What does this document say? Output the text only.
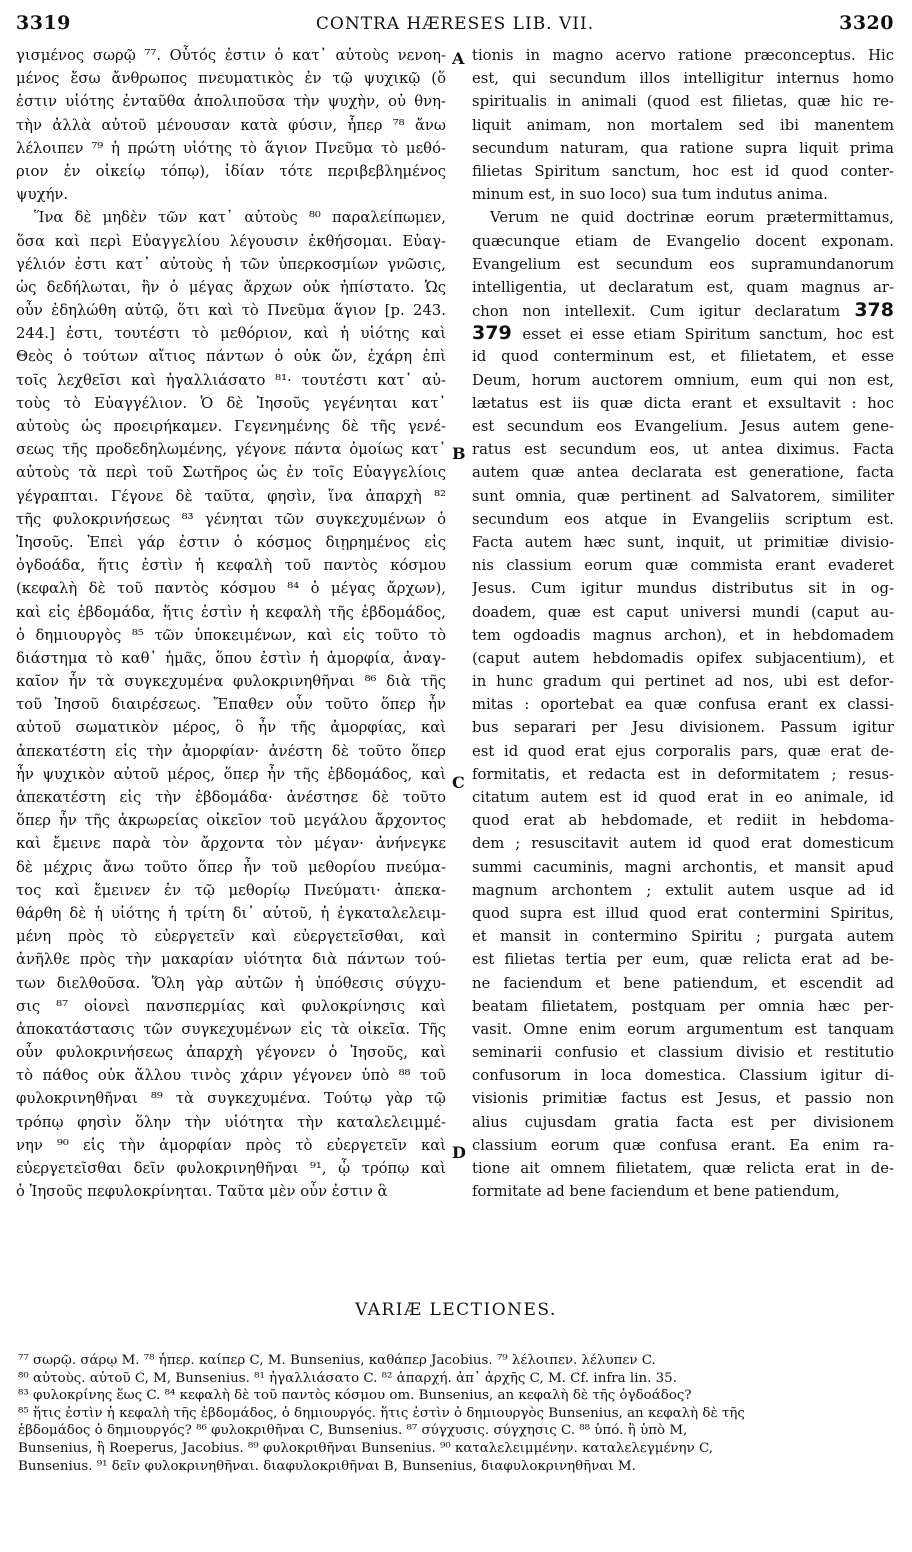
3319	CONTRA HÆRESES LIB. VII.	3320
γισμένος σωρῷ ⁷⁷. Οὗτός ἐστιν ὁ κατ᾽ αὐτοὺς νενοη-
μένος ἔσω ἄνθρωπος πνευματικὸς ἐν τῷ ψυχικῷ (ὅ
ἐστιν υἱότης ἐνταῦθα ἀπολιποῦσα τὴν ψυχὴν, οὐ θνη-
τὴν ἀλλὰ αὐτοῦ μένουσαν κατὰ φύσιν, ἧπερ ⁷⁸ ἄνω
λέλοιπεν ⁷⁹ ἡ πρώτη υἱότης τὸ ἅγιον Πνεῦμα τὸ μεθό-
ριον ἐν οἰκείῳ τόπῳ), ἰδίαν τότε περιβεβλημένος
ψυχήν.
Ἵνα δὲ μηδὲν τῶν κατ᾽ αὐτοὺς ⁸⁰ παραλείπωμεν,
ὅσα καὶ περὶ Εὐαγγελίου λέγουσιν ἐκθήσομαι. Εὐαγ-
γέλιόν ἐστι κατ᾽ αὐτοὺς ἡ τῶν ὑπερκοσμίων γνῶσις,
ὡς δεδήλωται, ἣν ὁ μέγας ἄρχων οὐκ ἠπίστατο. Ὡς
οὖν ἐδηλώθη αὐτῷ, ὅτι καὶ τὸ Πνεῦμα ἅγιον [p. 243.
244.] ἐστι, τουτέστι τὸ μεθόριον, καὶ ἡ υἱότης καὶ
Θεὸς ὁ τούτων αἴτιος πάντων ὁ οὐκ ὤν, ἐχάρη ἐπὶ
τοῖς λεχθεῖσι καὶ ἠγαλλιάσατο ⁸¹· τουτέστι κατ᾽ αὐ-
τοὺς τὸ Εὐαγγέλιον. Ὁ δὲ Ἰησοῦς γεγένηται κατ᾽
αὐτοὺς ὡς προειρήκαμεν. Γεγενημένης δὲ τῆς γενέ-
σεως τῆς προδεδηλωμένης, γέγονε πάντα ὁμοίως κατ᾽
αὐτοὺς τὰ περὶ τοῦ Σωτῆρος ὡς ἐν τοῖς Εὐαγγελίοις
γέγραπται. Γέγονε δὲ ταῦτα, φησὶν, ἵνα ἀπαρχὴ ⁸²
τῆς φυλοκρινήσεως ⁸³ γένηται τῶν συγκεχυμένων ὁ
Ἰησοῦς. Ἐπεὶ γάρ ἐστιν ὁ κόσμος διῃρημένος εἰς
ὀγδοάδα, ἥτις ἐστὶν ἡ κεφαλὴ τοῦ παντὸς κόσμου
(κεφαλὴ δὲ τοῦ παντὸς κόσμου ⁸⁴ ὁ μέγας ἄρχων),
καὶ εἰς ἑβδομάδα, ἥτις ἐστὶν ἡ κεφαλὴ τῆς ἑβδομάδος,
ὁ δημιουργὸς ⁸⁵ τῶν ὑποκειμένων, καὶ εἰς τοῦτο τὸ
διάστημα τὸ καθ᾽ ἡμᾶς, ὅπου ἐστὶν ἡ ἀμορφία, ἀναγ-
καῖον ἦν τὰ συγκεχυμένα φυλοκρινηθῆναι ⁸⁶ διὰ τῆς
τοῦ Ἰησοῦ διαιρέσεως. Ἔπαθεν οὖν τοῦτο ὅπερ ἦν
αὐτοῦ σωματικὸν μέρος, ὃ ἦν τῆς ἀμορφίας, καὶ
ἀπεκατέστη εἰς τὴν ἀμορφίαν· ἀνέστη δὲ τοῦτο ὅπερ
ἦν ψυχικὸν αὐτοῦ μέρος, ὅπερ ἦν τῆς ἑβδομάδος, καὶ
ἀπεκατέστη εἰς τὴν ἑβδομάδα· ἀνέστησε δὲ τοῦτο
ὅπερ ἦν τῆς ἀκρωρείας οἰκεῖον τοῦ μεγάλου ἄρχοντος
καὶ ἔμεινε παρὰ τὸν ἄρχοντα τὸν μέγαν· ἀνήνεγκε
δὲ μέχρις ἄνω τοῦτο ὅπερ ἦν τοῦ μεθορίου πνεύμα-
τος καὶ ἔμεινεν ἐν τῷ μεθορίῳ Πνεύματι· ἀπεκα-
θάρθη δὲ ἡ υἱότης ἡ τρίτη δι᾽ αὐτοῦ, ἡ ἐγκαταλελειμ-
μένη πρὸς τὸ εὐεργετεῖν καὶ εὐεργετεῖσθαι, καὶ
ἀνῆλθε πρὸς τὴν μακαρίαν υἱότητα διὰ πάντων τού-
των διελθοῦσα. Ὅλη γὰρ αὐτῶν ἡ ὑπόθεσις σύγχυ-
σις ⁸⁷ οἱονεὶ πανσπερμίας καὶ φυλοκρίνησις καὶ
ἀποκατάστασις τῶν συγκεχυμένων εἰς τὰ οἰκεῖα. Τῆς
οὖν φυλοκρινήσεως ἀπαρχὴ γέγονεν ὁ Ἰησοῦς, καὶ
τὸ πάθος οὐκ ἄλλου τινὸς χάριν γέγονεν ὑπὸ ⁸⁸ τοῦ
φυλοκρινηθῆναι ⁸⁹ τὰ συγκεχυμένα. Τούτῳ γὰρ τῷ
τρόπῳ φησὶν ὅλην τὴν υἱότητα τὴν καταλελειμμέ-
νην ⁹⁰ εἰς τὴν ἀμορφίαν πρὸς τὸ εὐεργετεῖν καὶ
εὐεργετεῖσθαι δεῖν φυλοκρινηθῆναι ⁹¹, ᾧ τρόπῳ καὶ
ὁ Ἰησοῦς πεφυλοκρίνηται. Ταῦτα μὲν οὖν ἐστιν ἃ
tionis in magno acervo ratione præconceptus. Hic
est, qui secundum illos intelligitur internus homo
spiritualis in animali (quod est filietas, quæ hic re-
liquit animam, non mortalem sed ibi manentem
secundum naturam, qua ratione supra liquit prima
filietas Spiritum sanctum, hoc est id quod conter-
minum est, in suo loco) sua tum indutus anima.
Verum ne quid doctrinæ eorum prætermittamus,
quæcunque etiam de Evangelio docent exponam.
Evangelium est secundum eos supramundanorum
intelligentia, ut declaratum est, quam magnus ar-
chon non intellexit. Cum igitur declaratum 378
379 esset ei esse etiam Spiritum sanctum, hoc est
id quod conterminum est, et filietatem, et esse
Deum, horum auctorem omnium, eum qui non est,
lætatus est iis quæ dicta erant et exsultavit : hoc
est secundum eos Evangelium. Jesus autem gene-
ratus est secundum eos, ut antea diximus. Facta
autem quæ antea declarata est generatione, facta
sunt omnia, quæ pertinent ad Salvatorem, similiter
secundum eos atque in Evangeliis scriptum est.
Facta autem hæc sunt, inquit, ut primitiæ divisio-
nis classium eorum quæ commista erant evaderet
Jesus. Cum igitur mundus distributus sit in og-
doadem, quæ est caput universi mundi (caput au-
tem ogdoadis magnus archon), et in hebdomadem
(caput autem hebdomadis opifex subjacentium), et
in hunc gradum qui pertinet ad nos, ubi est defor-
mitas : oportebat ea quæ confusa erant ex classi-
bus separari per Jesu divisionem. Passum igitur
est id quod erat ejus corporalis pars, quæ erat de-
formitatis, et redacta est in deformitatem ; resus-
citatum autem est id quod erat in eo animale, id
quod erat ab hebdomade, et rediit in hebdoma-
dem ; resuscitavit autem id quod erat domesticum
summi cacuminis, magni archontis, et mansit apud
magnum archontem ; extulit autem usque ad id
quod supra est illud quod erat contermini Spiritus,
et mansit in contermino Spiritu ; purgata autem
est filietas tertia per eum, quæ relicta erat ad be-
ne faciendum et bene patiendum, et escendit ad
beatam filietatem, postquam per omnia hæc per-
vasit. Omne enim eorum argumentum est tanquam
seminarii confusio et classium divisio et restitutio
confusorum in loca domestica. Classium igitur di-
visionis primitiæ factus est Jesus, et passio non
alius cujusdam gratia facta est per divisionem
classium eorum quæ confusa erant. Ea enim ra-
tione ait omnem filietatem, quæ relicta erat in de-
formitate ad bene faciendum et bene patiendum,
A
B
C
D
VARIÆ LECTIONES.
⁷⁷ σωρῷ. σάρῳ M. ⁷⁸ ἧπερ. καίπερ C, M. Bunsenius, καθάπερ Jacobius. ⁷⁹ λέλοιπεν. λέλυπεν C.
⁸⁰ αὐτοὺς. αὐτοῦ C, M, Bunsenius. ⁸¹ ἠγαλλιάσατο C. ⁸² ἀπαρχή. ἀπ᾽ ἀρχῆς C, M. Cf. infra lin. 35.
⁸³ φυλοκρίνης ἕως C. ⁸⁴ κεφαλὴ δὲ τοῦ παντὸς κόσμου om. Bunsenius, an κεφαλὴ δὲ τῆς ὀγδοάδος?
⁸⁵ ἥτις ἐστὶν ἡ κεφαλὴ τῆς ἑβδομάδος, ὁ δημιουργός. ἥτις ἐστὶν ὁ δημιουργὸς Bunsenius, an κεφαλὴ δὲ τῆς
ἑβδομάδος ὁ δημιουργός? ⁸⁶ φυλοκριθῆναι C, Bunsenius. ⁸⁷ σύγχυσις. σύγχησις C. ⁸⁸ ὑπό. ἢ ὑπὸ M,
Bunsenius, ἢ Roeperus, Jacobius. ⁸⁹ φυλοκριθῆναι Bunsenius. ⁹⁰ καταλελειμμένην. καταλελεγμένην C,
Bunsenius. ⁹¹ δεῖν φυλοκρινηθῆναι. διαφυλοκριθῆναι B, Bunsenius, διαφυλοκρινηθῆναι M.
